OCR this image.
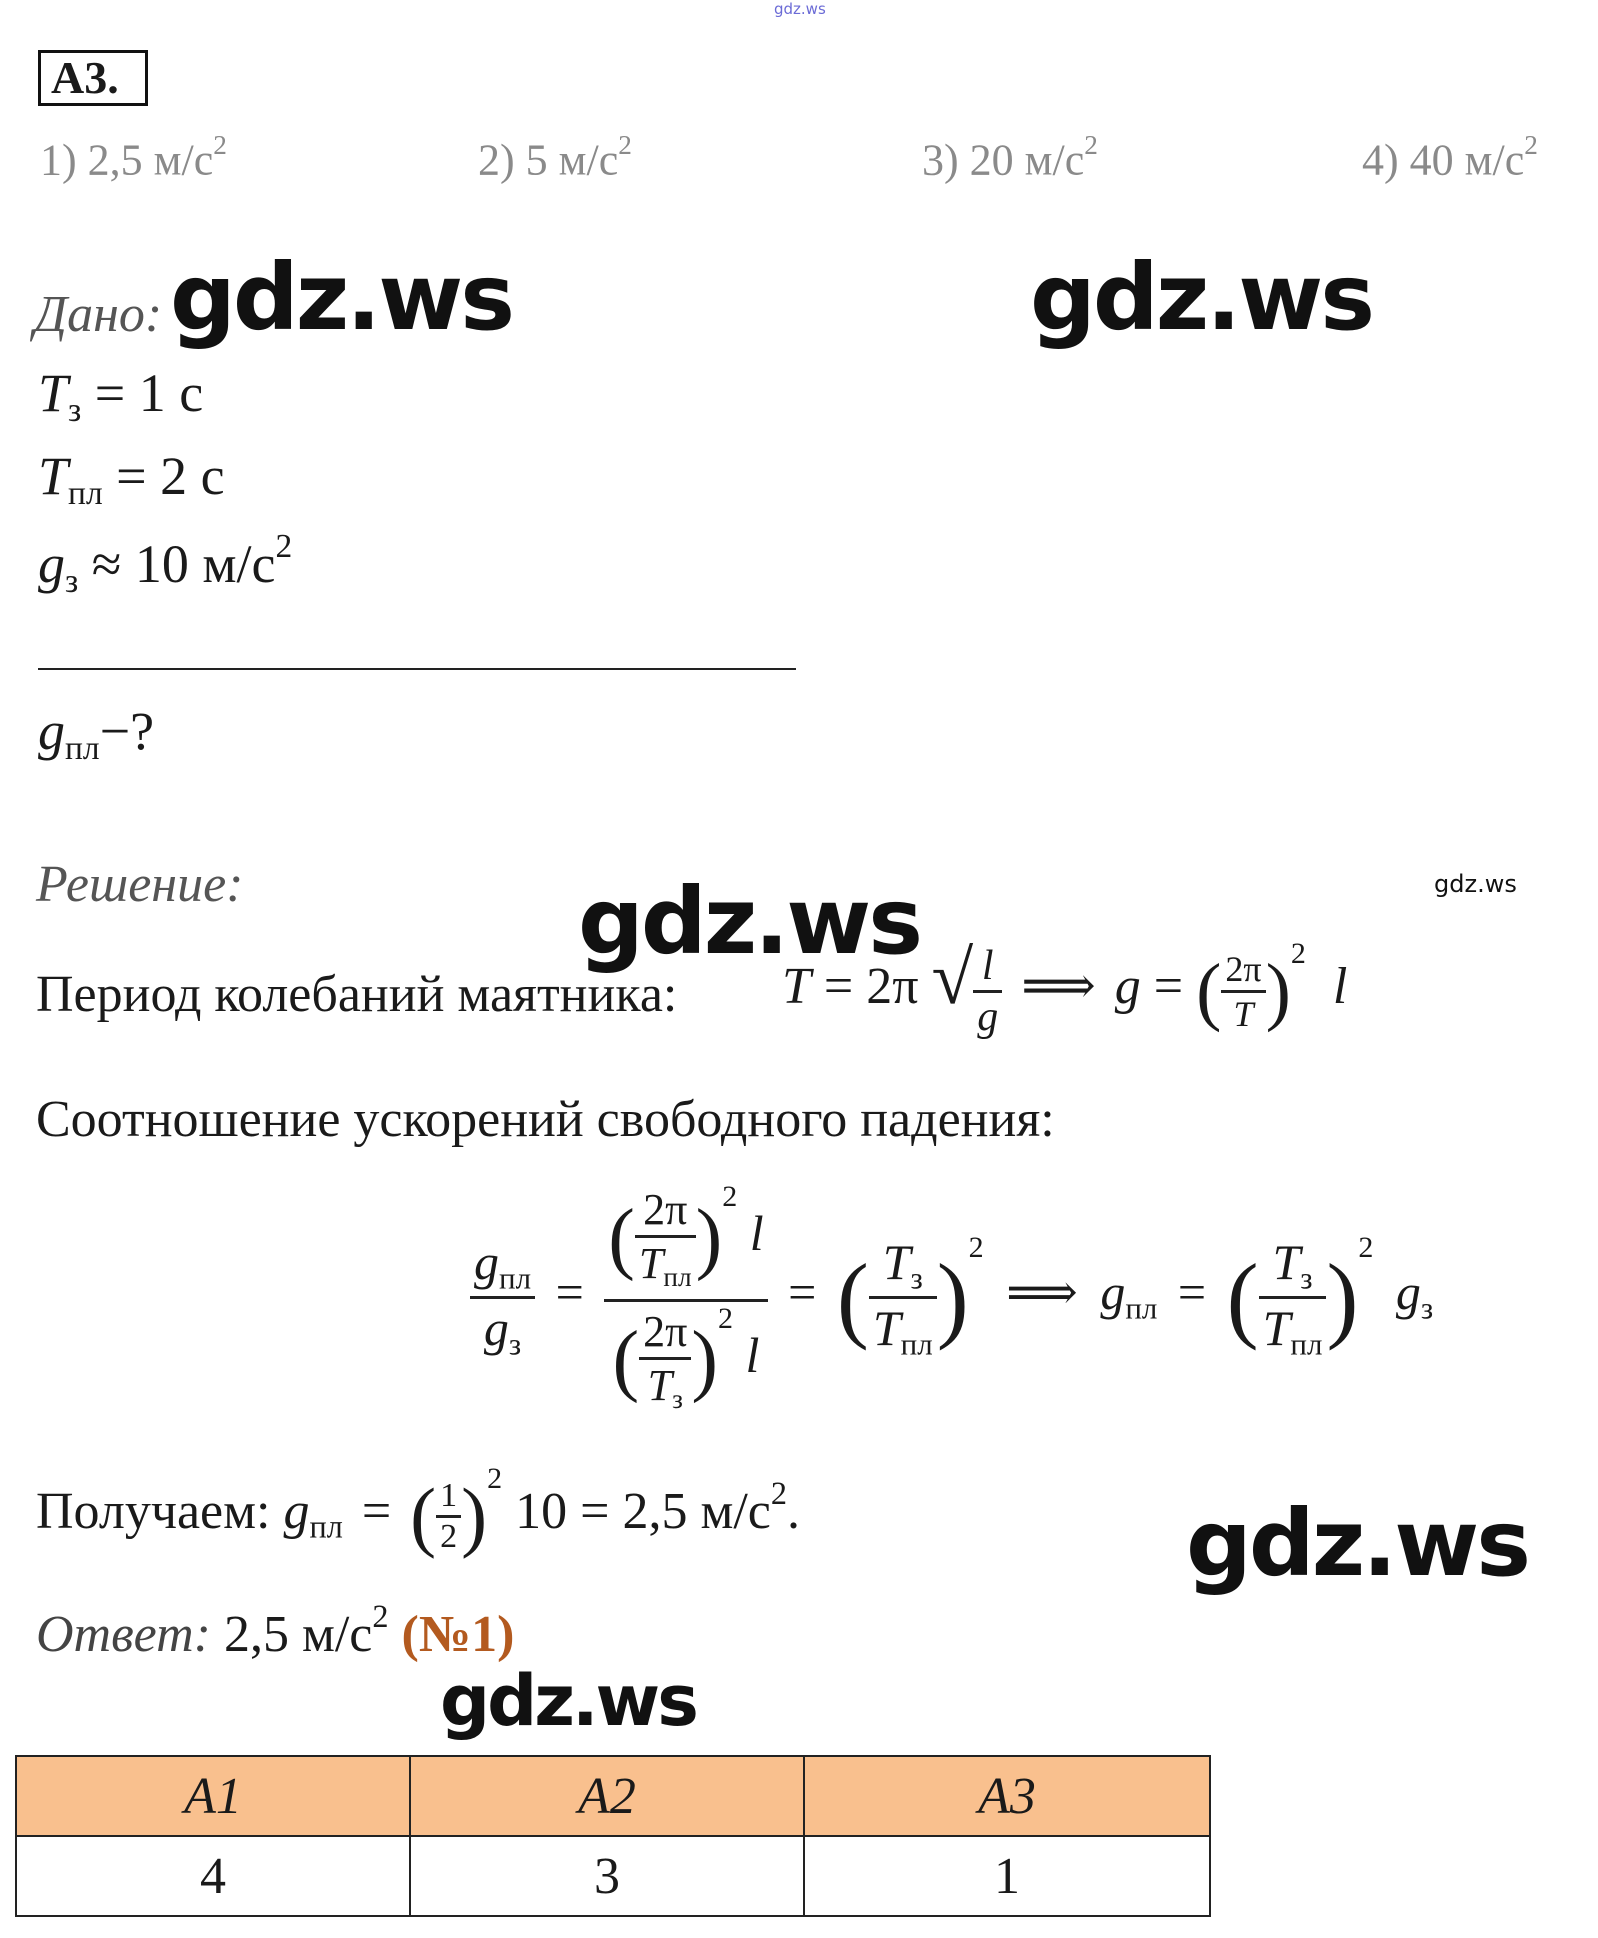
gdz.ws
А3.
1) 2,5 $м/с^2$	2) 5 $м/с^2$	3) 20 $м/с^2$	4) 40 $м/с^2$
Дано:
$T_з = 1$ с
$T_{пл} = 2$ с
$g_з \approx 10$ $м/с^2$
$g_{пл}-$?
Решение:
Период колебаний маятника: T = 2π √ $\frac{l}{g}$ ⟹ g = ( $\frac{2\pi}{T} )^2$ l
Соотношение ускорений свободного падения:
$\frac{g_{пл}}{g_з} = \frac{( \frac{2\pi}{T_{пл}} )^2 l}{( \frac{2\pi}{T_з} )^2 l}$ = ( $\frac{T_з}{T_{пл}} )^2$ ⟹ $g_{пл}$ = ( $\frac{T_з}{T_{пл}} )^2$ $g_з$
Получаем: $g_{пл}$ = ( $\frac{1}{2} )^2$ 10 = 2,5 $м/с^2$.
Ответ: 2,5 $м/с^2$ (№1)
gdz.ws	gdz.ws
gdz.ws	gdz.ws
gdz.ws
gdz.ws
А1	А2	А3
4	3	1
